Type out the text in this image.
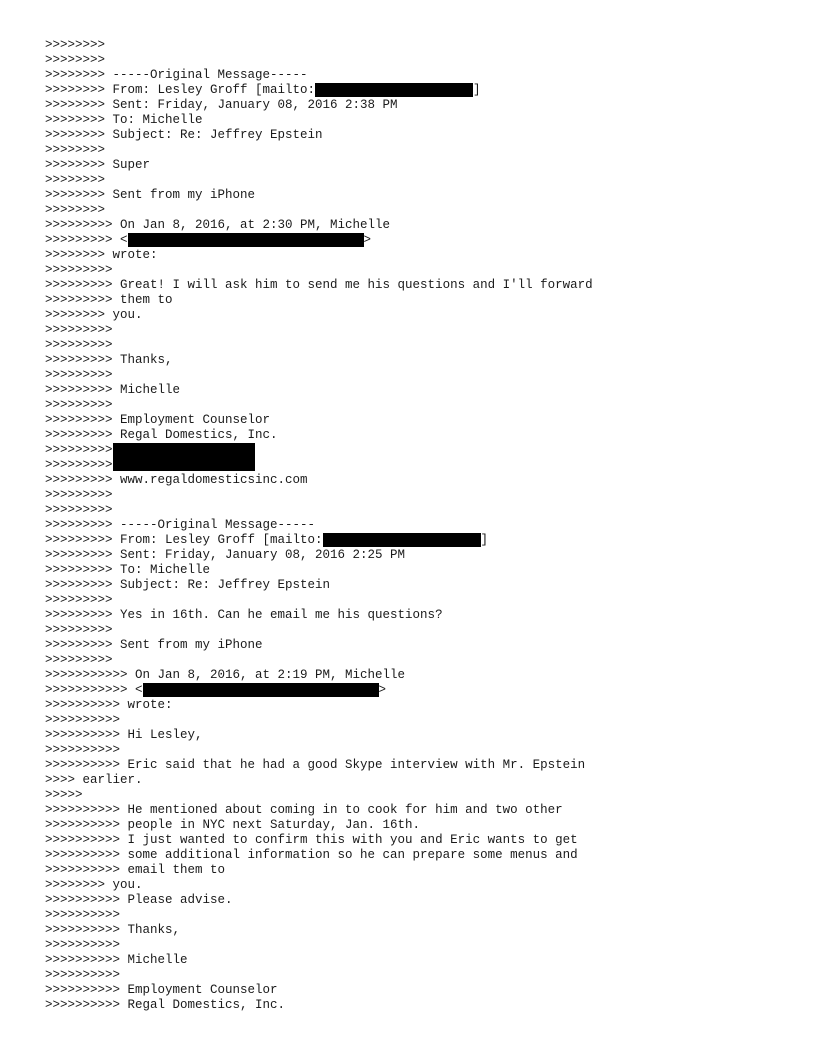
>>>>>>>>
>>>>>>>>
>>>>>>>> -----Original Message-----
>>>>>>>> From: Lesley Groff [mailto:	]
>>>>>>>> Sent: Friday, January 08, 2016 2:38 PM
>>>>>>>> To: Michelle
>>>>>>>> Subject: Re: Jeffrey Epstein
>>>>>>>>
>>>>>>>> Super
>>>>>>>>
>>>>>>>> Sent from my iPhone
>>>>>>>>
>>>>>>>>> On Jan 8, 2016, at 2:30 PM, Michelle
>>>>>>>>> <	>
>>>>>>>> wrote:
>>>>>>>>>
>>>>>>>>> Great! I will ask him to send me his questions and I'll forward
>>>>>>>>> them to
>>>>>>>> you.
>>>>>>>>>
>>>>>>>>>
>>>>>>>>> Thanks,
>>>>>>>>>
>>>>>>>>> Michelle
>>>>>>>>>
>>>>>>>>> Employment Counselor
>>>>>>>>> Regal Domestics, Inc.
>>>>>>>>>
>>>>>>>>>
>>>>>>>>> www.regaldomesticsinc.com
>>>>>>>>>
>>>>>>>>>
>>>>>>>>> -----Original Message-----
>>>>>>>>> From: Lesley Groff [mailto:	]
>>>>>>>>> Sent: Friday, January 08, 2016 2:25 PM
>>>>>>>>> To: Michelle
>>>>>>>>> Subject: Re: Jeffrey Epstein
>>>>>>>>>
>>>>>>>>> Yes in 16th. Can he email me his questions?
>>>>>>>>>
>>>>>>>>> Sent from my iPhone
>>>>>>>>>
>>>>>>>>>>> On Jan 8, 2016, at 2:19 PM, Michelle
>>>>>>>>>>> <	>
>>>>>>>>>> wrote:
>>>>>>>>>>
>>>>>>>>>> Hi Lesley,
>>>>>>>>>>
>>>>>>>>>> Eric said that he had a good Skype interview with Mr. Epstein
>>>> earlier.
>>>>>
>>>>>>>>>> He mentioned about coming in to cook for him and two other
>>>>>>>>>> people in NYC next Saturday, Jan. 16th.
>>>>>>>>>> I just wanted to confirm this with you and Eric wants to get
>>>>>>>>>> some additional information so he can prepare some menus and
>>>>>>>>>> email them to
>>>>>>>> you.
>>>>>>>>>> Please advise.
>>>>>>>>>>
>>>>>>>>>> Thanks,
>>>>>>>>>>
>>>>>>>>>> Michelle
>>>>>>>>>>
>>>>>>>>>> Employment Counselor
>>>>>>>>>> Regal Domestics, Inc.
